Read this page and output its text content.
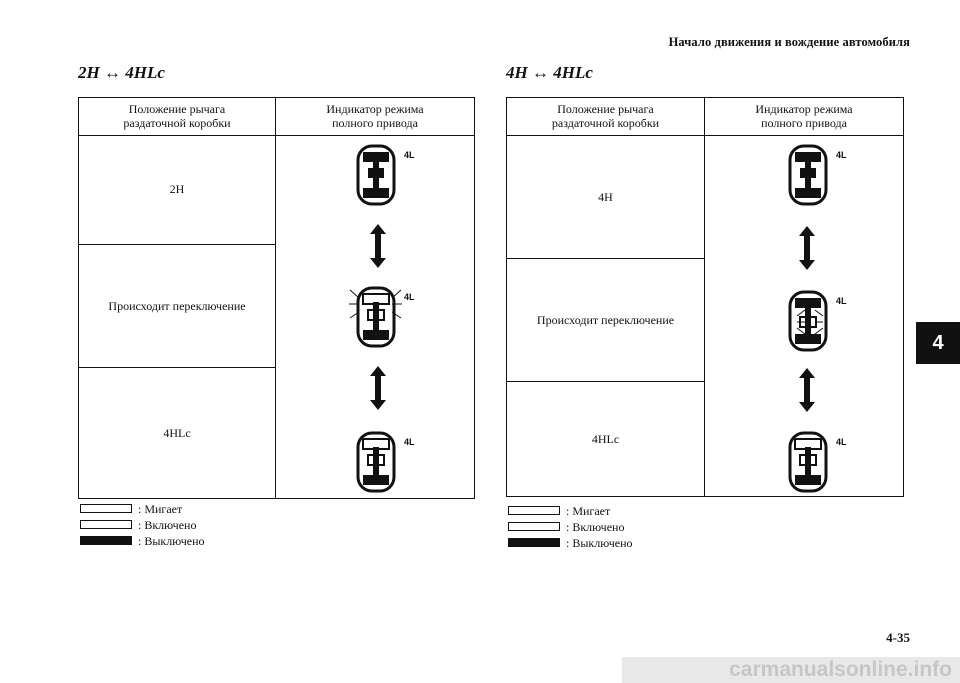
Начало движения и вождение автомобиля
2H ↔ 4HLc
Положение рычага
раздаточной коробки
Индикатор режима
полного привода
2H
Происходит переключение
4HLc
4L
4L
4L
: Мигает
: Включено
: Выключено
4H ↔ 4HLc
Положение рычага
раздаточной коробки
Индикатор режима
полного привода
4H
Происходит переключение
4HLc
4L
4L
4L
: Мигает
: Включено
: Выключено
4
4-35
carmanualsonline.info
